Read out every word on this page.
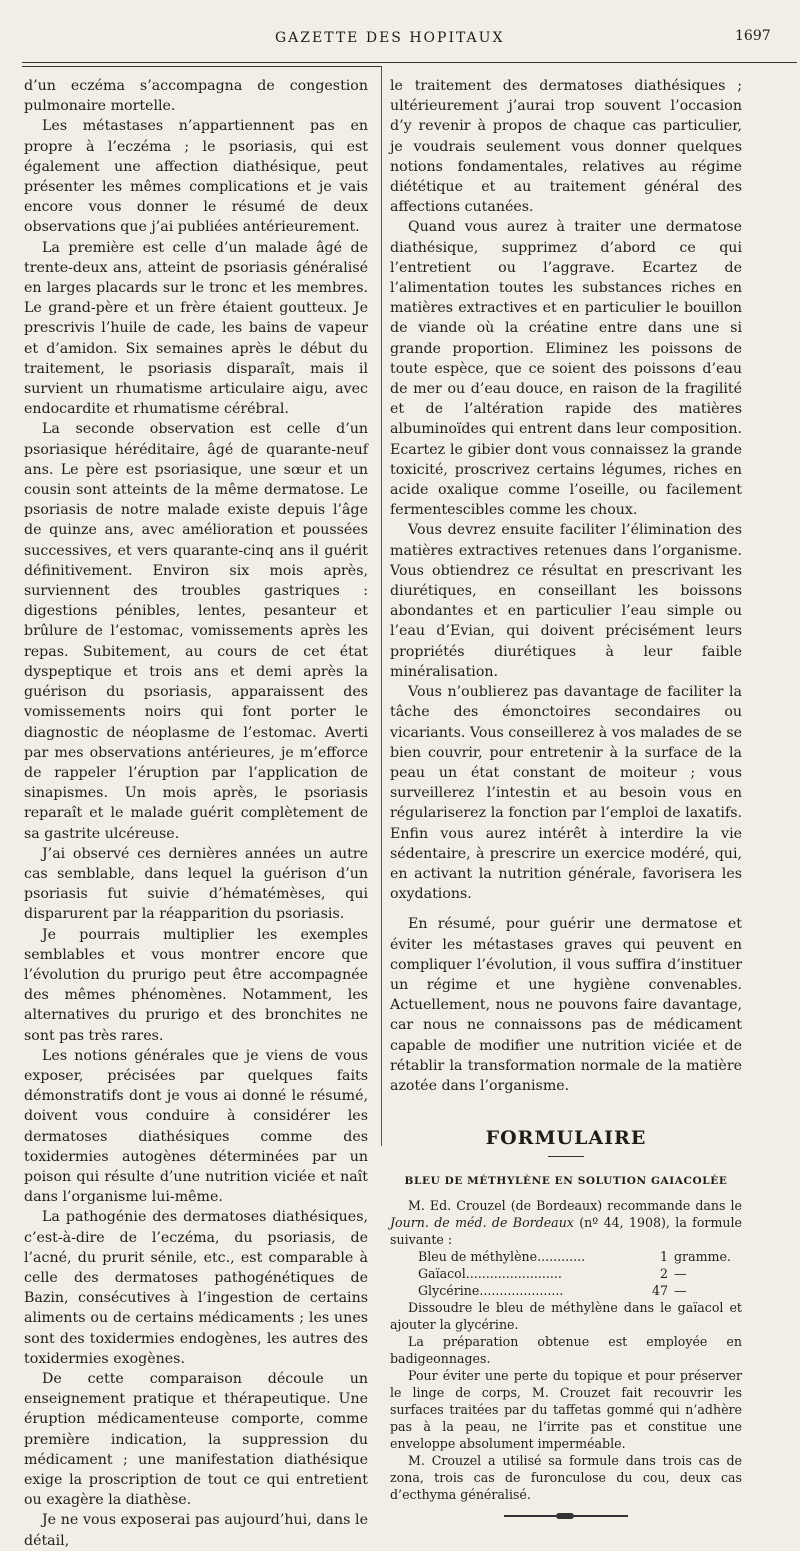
GAZETTE DES HOPITAUX	1697

d’un eczéma s’accompagna de congestion pulmonaire mortelle.

Les métastases n’appartiennent pas en propre à l’eczéma ; le psoriasis, qui est également une affection diathésique, peut présenter les mêmes complications et je vais encore vous donner le résumé de deux observations que j’ai publiées antérieurement.

La première est celle d’un malade âgé de trente-deux ans, atteint de psoriasis généralisé en larges placards sur le tronc et les membres. Le grand-père et un frère étaient goutteux. Je prescrivis l’huile de cade, les bains de vapeur et d’amidon. Six semaines après le début du traitement, le psoriasis disparaît, mais il survient un rhumatisme articulaire aigu, avec endocardite et rhumatisme cérébral.

La seconde observation est celle d’un psoriasique héréditaire, âgé de quarante-neuf ans. Le père est psoriasique, une sœur et un cousin sont atteints de la même dermatose. Le psoriasis de notre malade existe depuis l’âge de quinze ans, avec amélioration et poussées successives, et vers quarante-cinq ans il guérit définitivement. Environ six mois après, surviennent des troubles gastriques : digestions pénibles, lentes, pesanteur et brûlure de l’estomac, vomissements après les repas. Subitement, au cours de cet état dyspeptique et trois ans et demi après la guérison du psoriasis, apparaissent des vomissements noirs qui font porter le diagnostic de néoplasme de l’estomac. Averti par mes observations antérieures, je m’efforce de rappeler l’éruption par l’application de sinapismes. Un mois après, le psoriasis reparaît et le malade guérit complètement de sa gastrite ulcéreuse.

J’ai observé ces dernières années un autre cas semblable, dans lequel la guérison d’un psoriasis fut suivie d’hématémèses, qui disparurent par la réapparition du psoriasis.

Je pourrais multiplier les exemples semblables et vous montrer encore que l’évolution du prurigo peut être accompagnée des mêmes phénomènes. Notamment, les alternatives du prurigo et des bronchites ne sont pas très rares.

Les notions générales que je viens de vous exposer, précisées par quelques faits démonstratifs dont je vous ai donné le résumé, doivent vous conduire à considérer les dermatoses diathésiques comme des toxidermies autogènes déterminées par un poison qui résulte d’une nutrition viciée et naît dans l’organisme lui-même.

La pathogénie des dermatoses diathésiques, c’est-à-dire de l’eczéma, du psoriasis, de l’acné, du prurit sénile, etc., est comparable à celle des dermatoses pathogénétiques de Bazin, consécutives à l’ingestion de certains aliments ou de certains médicaments ; les unes sont des toxidermies endogènes, les autres des toxidermies exogènes.

De cette comparaison découle un enseignement pratique et thérapeutique. Une éruption médicamenteuse comporte, comme première indication, la suppression du médicament ; une manifestation diathésique exige la proscription de tout ce qui entretient ou exagère la diathèse.

Je ne vous exposerai pas aujourd’hui, dans le détail,

le traitement des dermatoses diathésiques ; ultérieurement j’aurai trop souvent l’occasion d’y revenir à propos de chaque cas particulier, je voudrais seulement vous donner quelques notions fondamentales, relatives au régime diététique et au traitement général des affections cutanées.

Quand vous aurez à traiter une dermatose diathésique, supprimez d’abord ce qui l’entretient ou l’aggrave. Ecartez de l’alimentation toutes les substances riches en matières extractives et en particulier le bouillon de viande où la créatine entre dans une si grande proportion. Eliminez les poissons de toute espèce, que ce soient des poissons d’eau de mer ou d’eau douce, en raison de la fragilité et de l’altération rapide des matières albuminoïdes qui entrent dans leur composition. Ecartez le gibier dont vous connaissez la grande toxicité, proscrivez certains légumes, riches en acide oxalique comme l’oseille, ou facilement fermentescibles comme les choux.

Vous devrez ensuite faciliter l’élimination des matières extractives retenues dans l’organisme. Vous obtiendrez ce résultat en prescrivant les diurétiques, en conseillant les boissons abondantes et en particulier l’eau simple ou l’eau d’Evian, qui doivent précisément leurs propriétés diurétiques à leur faible minéralisation.

Vous n’oublierez pas davantage de faciliter la tâche des émonctoires secondaires ou vicariants. Vous conseillerez à vos malades de se bien couvrir, pour entretenir à la surface de la peau un état constant de moiteur ; vous surveillerez l’intestin et au besoin vous en régulariserez la fonction par l’emploi de laxatifs. Enfin vous aurez intérêt à interdire la vie sédentaire, à prescrire un exercice modéré, qui, en activant la nutrition générale, favorisera les oxydations.

En résumé, pour guérir une dermatose et éviter les métastases graves qui peuvent en compliquer l’évolution, il vous suffira d’instituer un régime et une hygiène convenables. Actuellement, nous ne pouvons faire davantage, car nous ne connaissons pas de médicament capable de modifier une nutrition viciée et de rétablir la transformation normale de la matière azotée dans l’organisme.

FORMULAIRE
BLEU DE MÉTHYLÈNE EN SOLUTION GAIACOLÉE

M. Ed. Crouzel (de Bordeaux) recommande dans le Journ. de méd. de Bordeaux (nº 44, 1908), la formule suivante :

Bleu de méthylène............	1 gramme.
Gaïacol........................	2 —
Glycérine.....................	47 —

Dissoudre le bleu de méthylène dans le gaïacol et ajouter la glycérine.

La préparation obtenue est employée en badigeonnages.

Pour éviter une perte du topique et pour préserver le linge de corps, M. Crouzet fait recouvrir les surfaces traitées par du taffetas gommé qui n’adhère pas à la peau, ne l’irrite pas et constitue une enveloppe absolument imperméable.

M. Crouzel a utilisé sa formule dans trois cas de zona, trois cas de furonculose du cou, deux cas d’ecthyma généralisé.
